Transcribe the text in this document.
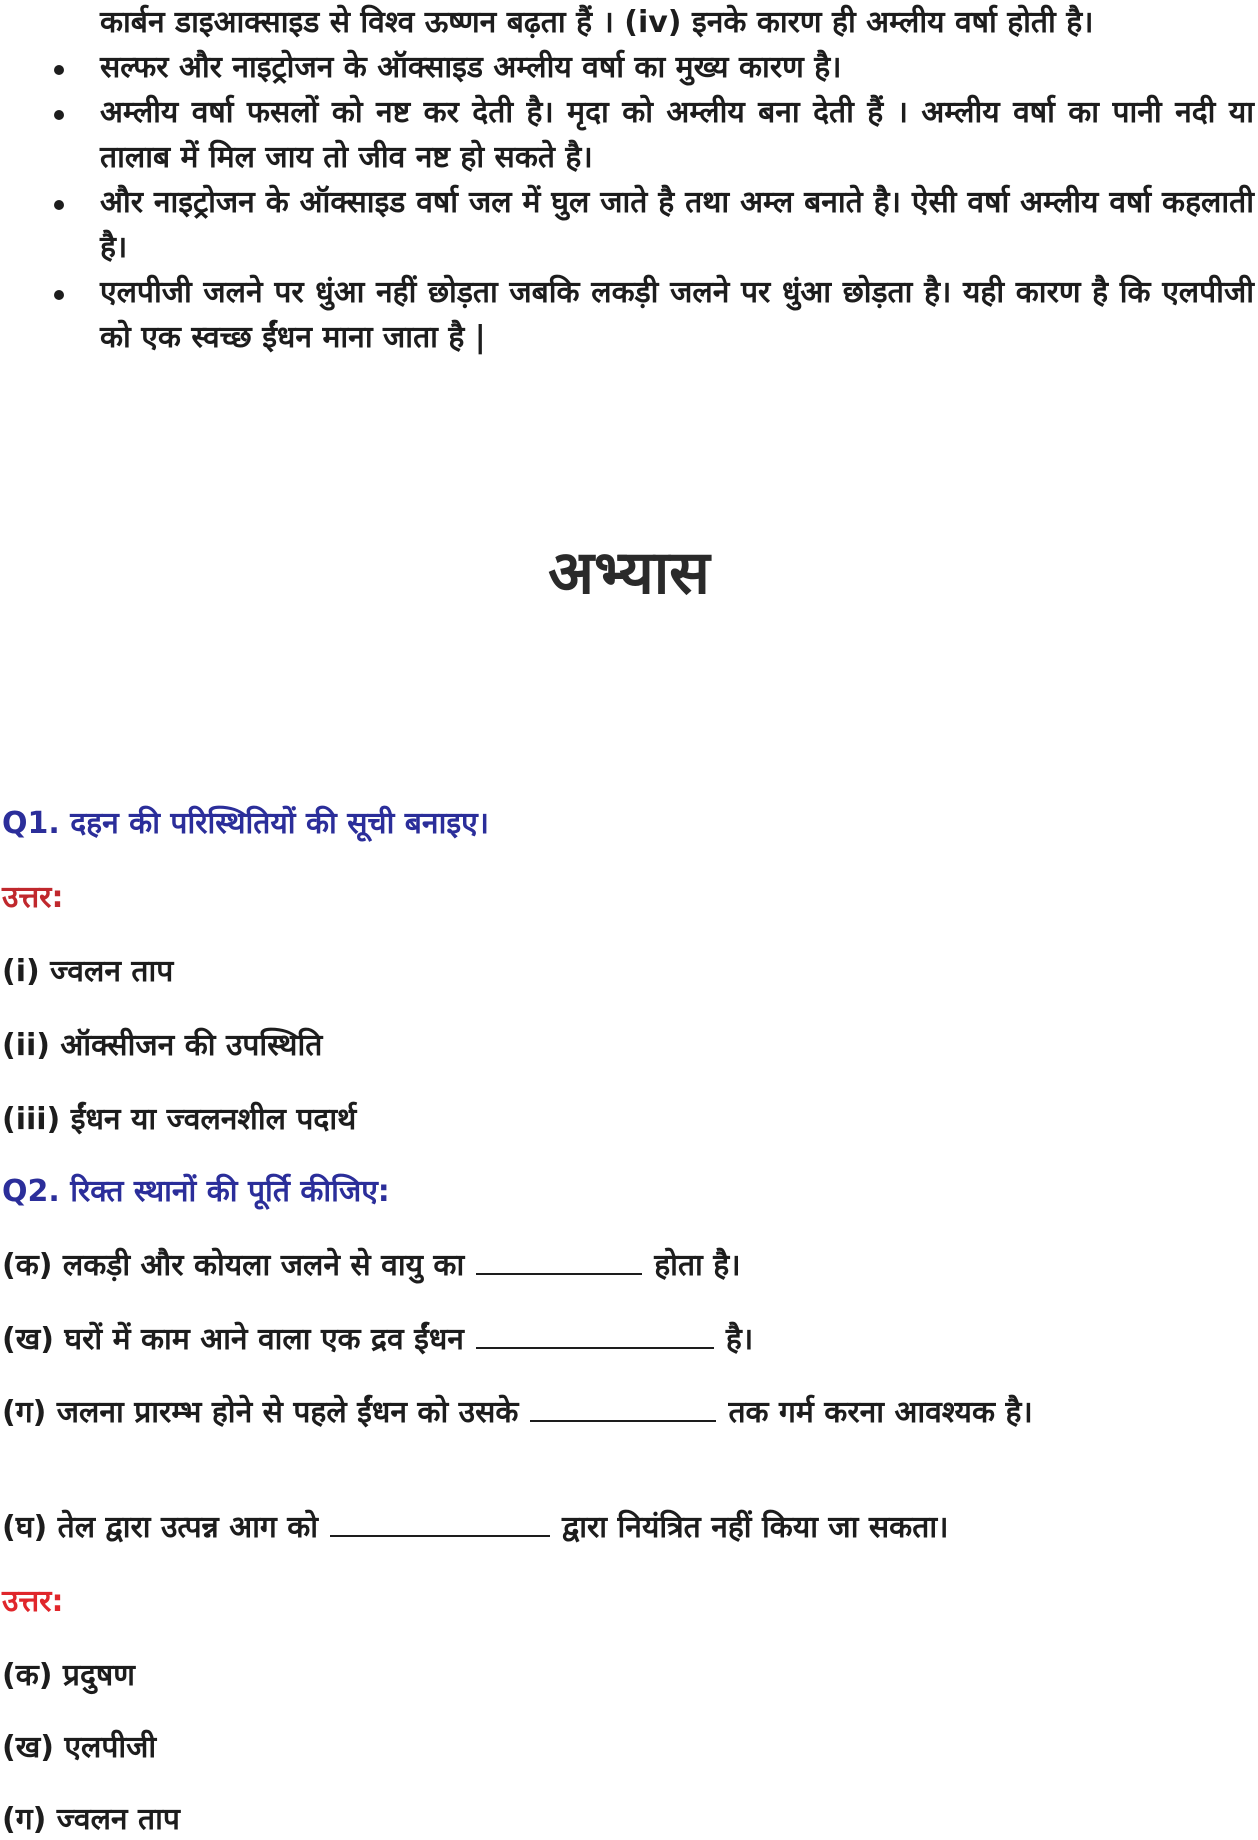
कार्बन डाइआक्साइड से विश्व ऊष्णन बढ़ता हैं । (iv) इनके कारण ही अम्लीय वर्षा होती है।
सल्फर और नाइट्रोजन के ऑक्साइड अम्लीय वर्षा का मुख्य कारण है।
अम्लीय वर्षा फसलों को नष्ट कर देती है। मृदा को अम्लीय बना देती हैं । अम्लीय वर्षा का पानी नदी या तालाब में मिल जाय तो जीव नष्ट हो सकते है।
और नाइट्रोजन के ऑक्साइड वर्षा जल में घुल जाते है तथा अम्ल बनाते है। ऐसी वर्षा अम्लीय वर्षा कहलाती है।
एलपीजी जलने पर धुंआ नहीं छोड़ता जबकि लकड़ी जलने पर धुंआ छोड़ता है। यही कारण है कि एलपीजी को एक स्वच्छ ईंधन माना जाता है |
अभ्यास
Q1. दहन की परिस्थितियों की सूची बनाइए।
उत्तर:
(i) ज्वलन ताप
(ii) ऑक्सीजन की उपस्थिति
(iii) ईंधन या ज्वलनशील पदार्थ
Q2. रिक्त स्थानों की पूर्ति कीजिए:
(क) लकड़ी और कोयला जलने से वायु का	होता है।
(ख) घरों में काम आने वाला एक द्रव ईंधन	है।
(ग) जलना प्रारम्भ होने से पहले ईंधन को उसके	तक गर्म करना आवश्यक है।
(घ) तेल द्वारा उत्पन्न आग को	द्वारा नियंत्रित नहीं किया जा सकता।
उत्तर:
(क) प्रदुषण
(ख) एलपीजी
(ग) ज्वलन ताप
